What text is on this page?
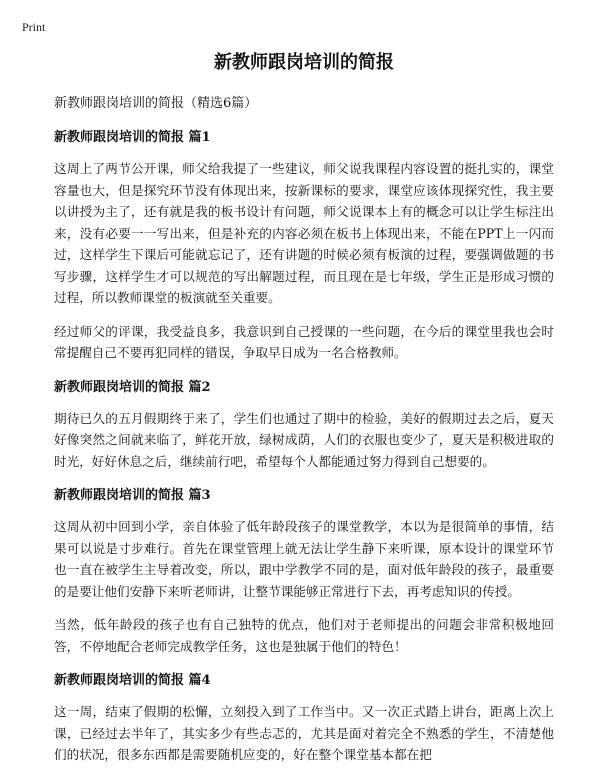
Print
新教师跟岗培训的简报

新教师跟岗培训的简报（精选6篇）

新教师跟岗培训的简报 篇1

这周上了两节公开课，师父给我提了一些建议，师父说我课程内容设置的挺扎实的，课堂容量也大，但是探究环节没有体现出来，按新课标的要求，课堂应该体现探究性，我主要以讲授为主了，还有就是我的板书设计有问题，师父说课本上有的概念可以让学生标注出来，没有必要一一写出来，但是补充的内容必须在板书上体现出来，不能在PPT上一闪而过，这样学生下课后可能就忘记了，还有讲题的时候必须有板演的过程，要强调做题的书写步骤，这样学生才可以规范的写出解题过程，而且现在是七年级，学生正是形成习惯的过程，所以教师课堂的板演就至关重要。

经过师父的评课，我受益良多，我意识到自己授课的一些问题，在今后的课堂里我也会时常提醒自己不要再犯同样的错误，争取早日成为一名合格教师。

新教师跟岗培训的简报 篇2

期待已久的五月假期终于来了，学生们也通过了期中的检验，美好的假期过去之后，夏天好像突然之间就来临了，鲜花开放，绿树成荫，人们的衣服也变少了，夏天是积极进取的时光，好好休息之后，继续前行吧，希望每个人都能通过努力得到自己想要的。

新教师跟岗培训的简报 篇3

这周从初中回到小学，亲自体验了低年龄段孩子的课堂教学，本以为是很简单的事情，结果可以说是寸步难行。首先在课堂管理上就无法让学生静下来听课，原本设计的课堂环节也一直在被学生主导着改变，所以，跟中学教学不同的是，面对低年龄段的孩子，最重要的是要让他们安静下来听老师讲，让整节课能够正常进行下去，再考虑知识的传授。

当然，低年龄段的孩子也有自己独特的优点，他们对于老师提出的问题会非常积极地回答，不停地配合老师完成教学任务，这也是独属于他们的特色！

新教师跟岗培训的简报 篇4

这一周，结束了假期的松懈，立刻投入到了工作当中。又一次正式踏上讲台，距离上次上课，已经过去半年了，其实多少有些忐忑的，尤其是面对着完全不熟悉的学生，不清楚他们的状况，很多东西都是需要随机应变的，好在整个课堂基本都在把
